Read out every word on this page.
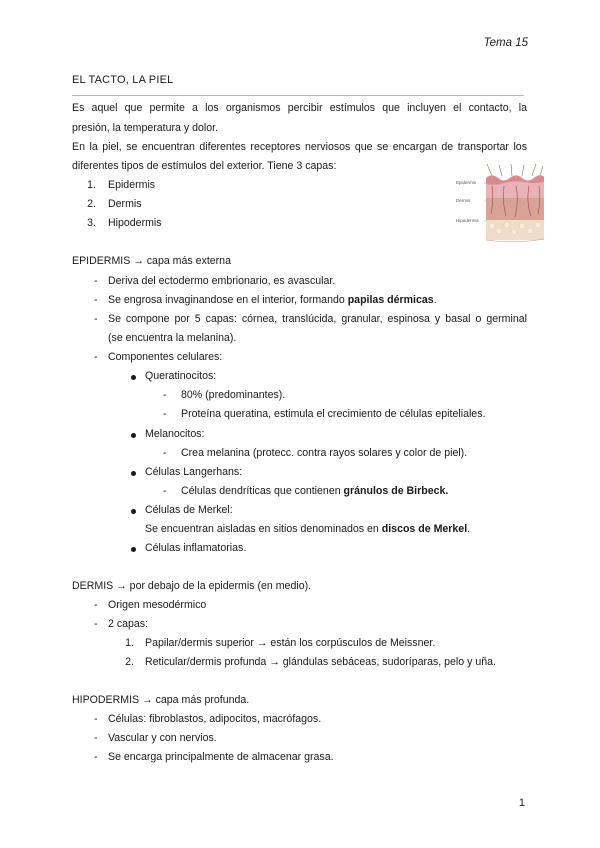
Tema 15
EL TACTO, LA PIEL
Es aquel que permite a los organismos percibir estímulos que incluyen el contacto, la
presión, la temperatura y dolor.
En la piel, se encuentran diferentes receptores nerviosos que se encargan de transportar los
diferentes tipos de estímulos del exterior. Tiene 3 capas:
1. Epidermis
2. Dermis
3. Hipodermis
Epidermis
Dermis
Hipodermis
EPIDERMIS → capa más externa
- Deriva del ectodermo embrionario, es avascular.
- Se engrosa invaginandose en el interior, formando papilas dérmicas.
- Se compone por 5 capas: córnea, translúcida, granular, espinosa y basal o germinal
(se encuentra la melanina).
- Componentes celulares:
Queratinocitos:
-	80% (predominantes).
-	Proteína queratina, estimula el crecimiento de células epiteliales.
Melanocitos:
-	Crea melanina (protecc. contra rayos solares y color de piel).
Células Langerhans:
-	Células dendríticas que contienen gránulos de Birbeck.
Células de Merkel:
Se encuentran aisladas en sitios denominados en discos de Merkel.
Células inflamatorias.
DERMIS → por debajo de la epidermis (en medio).
- Origen mesodérmico
- 2 capas:
1. Papilar/dermis superior → están los corpúsculos de Meissner.
2. Reticular/dermis profunda → glándulas sebáceas, sudoríparas, pelo y uña.
HIPODERMIS → capa más profunda.
- Células: fibroblastos, adipocitos, macrófagos.
- Vascular y con nervios.
- Se encarga principalmente de almacenar grasa.
1
